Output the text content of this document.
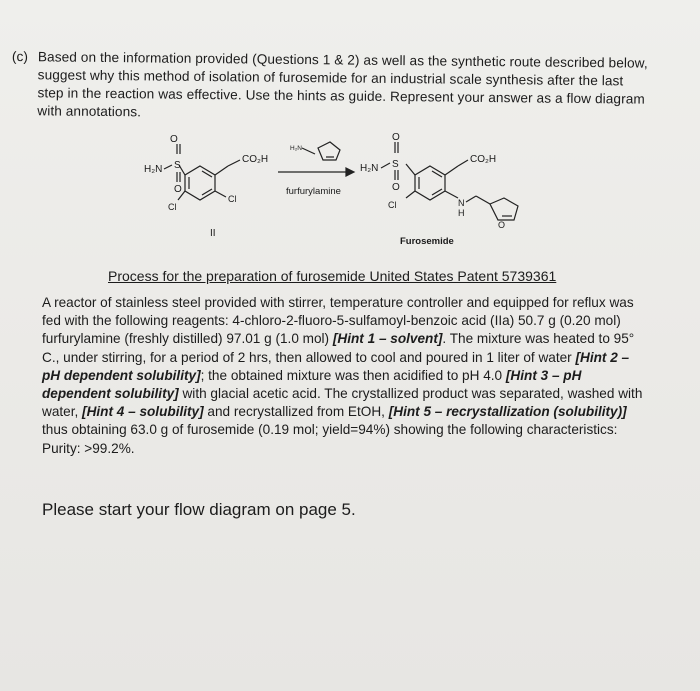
(c) Based on the information provided (Questions 1 & 2) as well as the synthetic route described below, suggest why this method of isolation of furosemide for an industrial scale synthesis after the last step in the reaction was effective. Use the hints as guide. Represent your answer as a flow diagram with annotations.
O
S
O
H₂N
CO₂H
Cl
Cl
II
H₂N
furfurylamine
O
S
O
H₂N
CO₂H
Cl	N
H
O
Furosemide
Process for the preparation of furosemide United States Patent 5739361
A reactor of stainless steel provided with stirrer, temperature controller and equipped for reflux was fed with the following reagents: 4-chloro-2-fluoro-5-sulfamoyl-benzoic acid (IIa) 50.7 g (0.20 mol) furfurylamine (freshly distilled) 97.01 g (1.0 mol) [Hint 1 – solvent]. The mixture was heated to 95° C., under stirring, for a period of 2 hrs, then allowed to cool and poured in 1 liter of water [Hint 2 – pH dependent solubility]; the obtained mixture was then acidified to pH 4.0 [Hint 3 – pH dependent solubility] with glacial acetic acid. The crystallized product was separated, washed with water, [Hint 4 – solubility] and recrystallized from EtOH, [Hint 5 – recrystallization (solubility)] thus obtaining 63.0 g of furosemide (0.19 mol; yield=94%) showing the following characteristics: Purity: >99.2%.
Please start your flow diagram on page 5.
